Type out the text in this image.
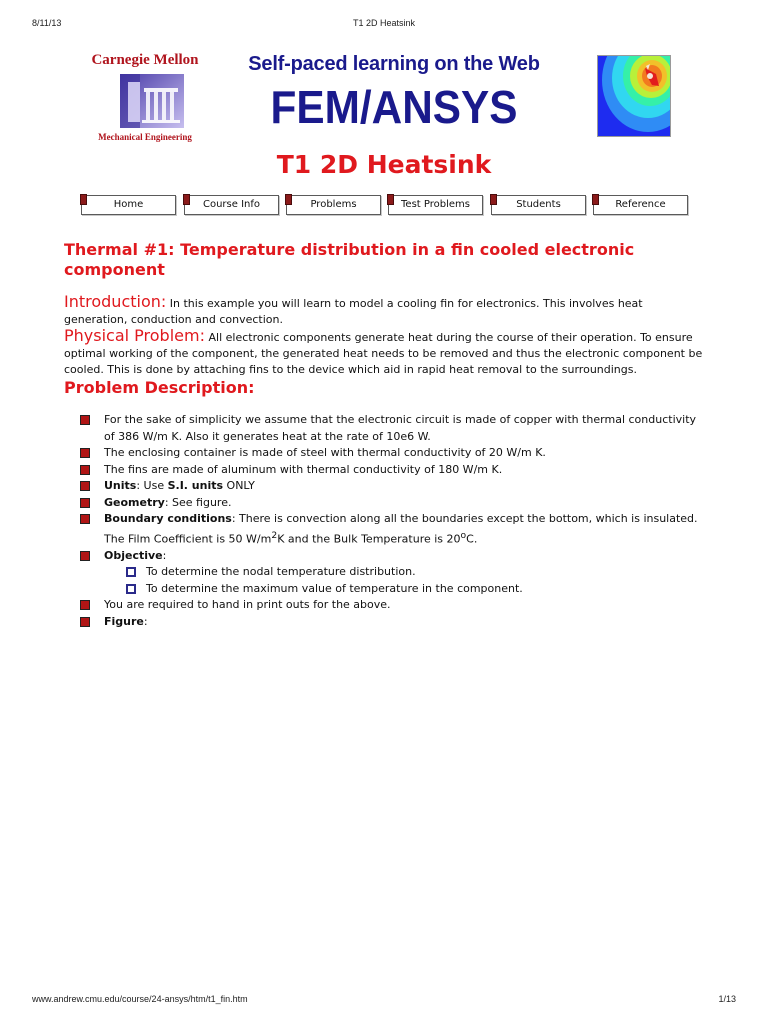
8/11/13	T1 2D Heatsink
Carnegie Mellon
Mechanical Engineering
Self-paced learning on the Web
FEM/ANSYS
T1 2D Heatsink
Home	Course Info	Problems	Test Problems	Students	Reference
Thermal #1: Temperature distribution in a fin cooled electronic component

Introduction: In this example you will learn to model a cooling fin for electronics. This involves heat generation, conduction and convection.

Physical Problem: All electronic components generate heat during the course of their operation. To ensure optimal working of the component, the generated heat needs to be removed and thus the electronic component be cooled. This is done by attaching fins to the device which aid in rapid heat removal to the surroundings.

Problem Description:
For the sake of simplicity we assume that the electronic circuit is made of copper with thermal conductivity of 386 W/m K. Also it generates heat at the rate of 10e6 W.
The enclosing container is made of steel with thermal conductivity of 20 W/m K.
The fins are made of aluminum with thermal conductivity of 180 W/m K.
Units: Use S.I. units ONLY
Geometry: See figure.
Boundary conditions: There is convection along all the boundaries except the bottom, which is insulated. The Film Coefficient is 50 $W/m^2K$ and the Bulk Temperature is 20$^o$C.
Objective:
To determine the nodal temperature distribution.
To determine the maximum value of temperature in the component.
You are required to hand in print outs for the above.
Figure:
www.andrew.cmu.edu/course/24-ansys/htm/t1_fin.htm	1/13
